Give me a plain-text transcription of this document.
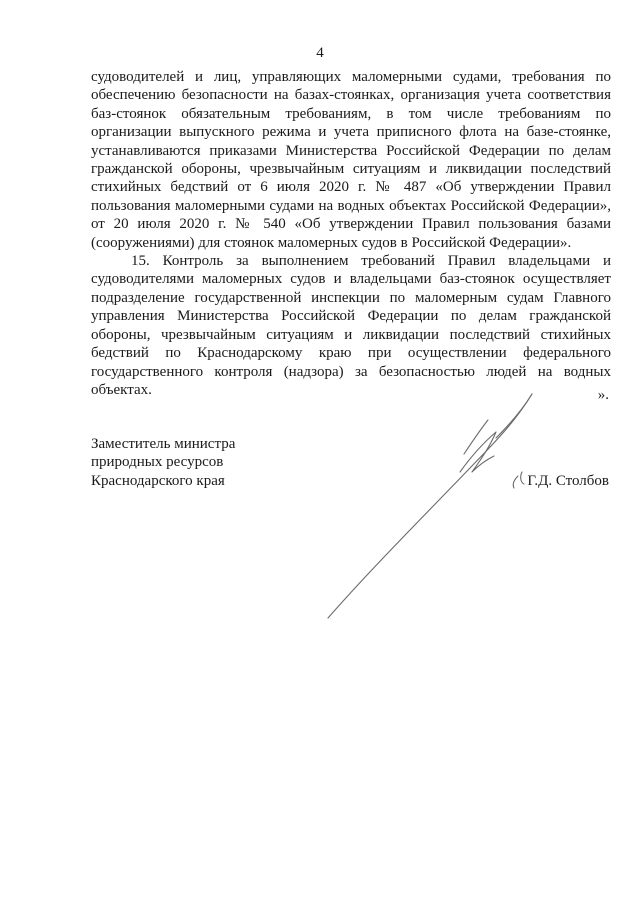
4

судоводителей и лиц, управляющих маломерными судами, требования по обеспечению безопасности на базах-стоянках, организация учета соответствия баз-стоянок обязательным требованиям, в том числе требованиям по организации выпускного режима и учета приписного флота на базе-стоянке, устанавливаются приказами Министерства Российской Федерации по делам гражданской обороны, чрезвычайным ситуациям и ликвидации последствий стихийных бедствий от 6 июля 2020 г. № 487 «Об утверждении Правил пользования маломерными судами на водных объектах Российской Федерации», от 20 июля 2020 г. № 540 «Об утверждении Правил пользования базами (сооружениями) для стоянок маломерных судов в Российской Федерации».

15. Контроль за выполнением требований Правил владельцами и судоводителями маломерных судов и владельцами баз-стоянок осуществляет подразделение государственной инспекции по маломерным судам Главного управления Министерства Российской Федерации по делам гражданской обороны, чрезвычайным ситуациям и ликвидации последствий стихийных бедствий по Краснодарскому краю при осуществлении федерального государственного контроля (надзора) за безопасностью людей на водных объектах.	».
Заместитель министра
природных ресурсов
Краснодарского края	Г.Д. Столбов
